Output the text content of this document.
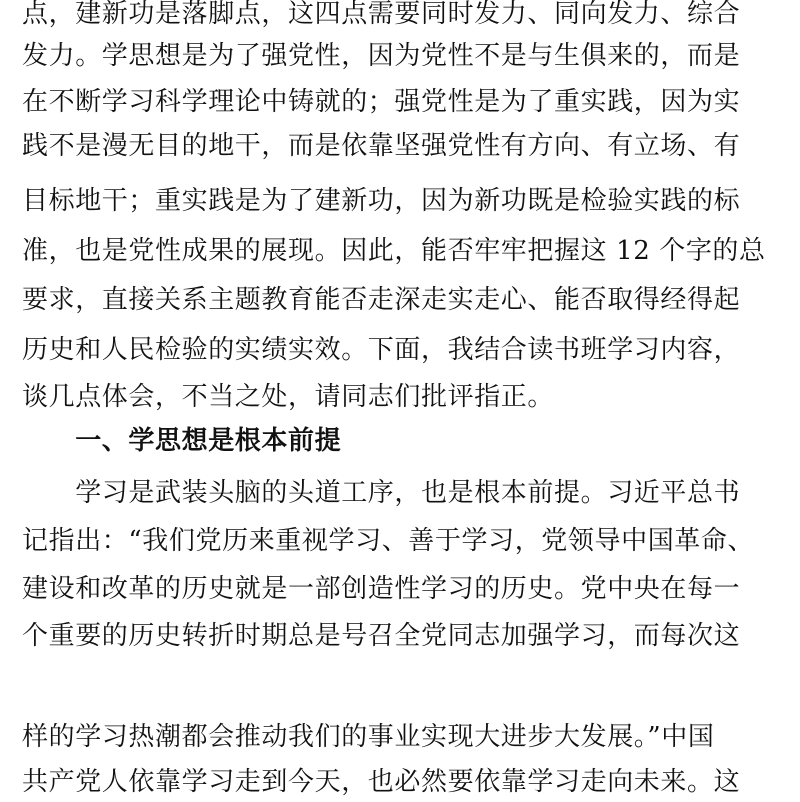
点，建新功是落脚点，这四点需要同时发力、同向发力、综合
发力。学思想是为了强党性，因为党性不是与生俱来的，而是
在不断学习科学理论中铸就的；强党性是为了重实践，因为实
践不是漫无目的地干，而是依靠坚强党性有方向、有立场、有
目标地干；重实践是为了建新功，因为新功既是检验实践的标
准，也是党性成果的展现。因此，能否牢牢把握这 12 个字的总
要求，直接关系主题教育能否走深走实走心、能否取得经得起
历史和人民检验的实绩实效。下面，我结合读书班学习内容，
谈几点体会，不当之处，请同志们批评指正。
　　一、学思想是根本前提
　　学习是武装头脑的头道工序，也是根本前提。习近平总书
记指出：“我们党历来重视学习、善于学习，党领导中国革命、
建设和改革的历史就是一部创造性学习的历史。党中央在每一
个重要的历史转折时期总是号召全党同志加强学习，而每次这
样的学习热潮都会推动我们的事业实现大进步大发展。”中国
共产党人依靠学习走到今天，也必然要依靠学习走向未来。这
